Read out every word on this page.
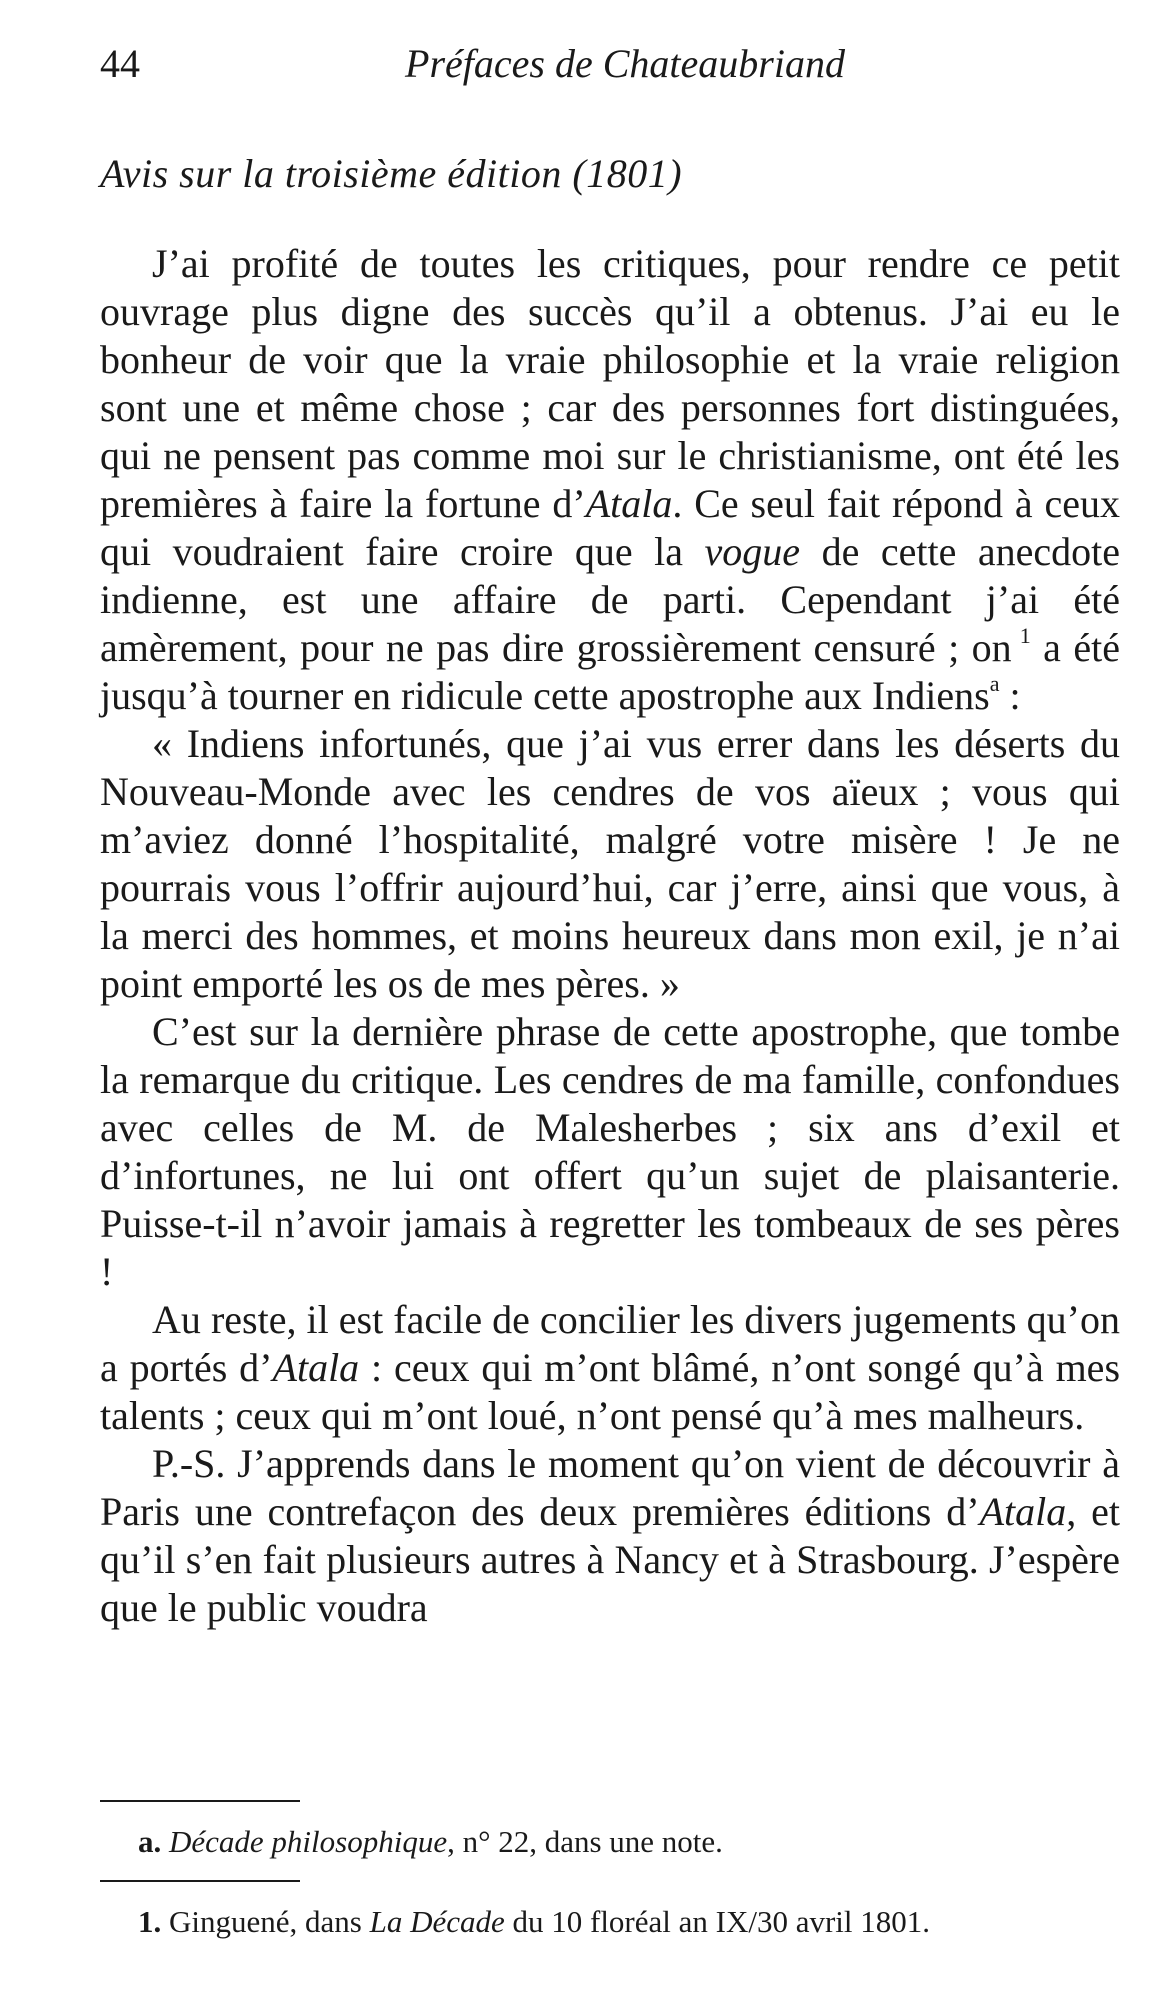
44	Préfaces de Chateaubriand
Avis sur la troisième édition (1801)

J’ai profité de toutes les critiques, pour rendre ce petit ouvrage plus digne des succès qu’il a obtenus. J’ai eu le bonheur de voir que la vraie philosophie et la vraie religion sont une et même chose ; car des personnes fort distinguées, qui ne pensent pas comme moi sur le christianisme, ont été les premières à faire la fortune d’Atala. Ce seul fait répond à ceux qui voudraient faire croire que la vogue de cette anecdote indienne, est une affaire de parti. Cependant j’ai été amèrement, pour ne pas dire grossièrement censuré ; on  $^1$ a été jusqu’à tourner en ridicule cette apostrophe aux Indiens$^a$ :

« Indiens infortunés, que j’ai vus errer dans les déserts du Nouveau-Monde avec les cendres de vos aïeux ; vous qui m’aviez donné l’hospitalité, malgré votre misère ! Je ne pourrais vous l’offrir aujourd’hui, car j’erre, ainsi que vous, à la merci des hommes, et moins heureux dans mon exil, je n’ai point emporté les os de mes pères. »

C’est sur la dernière phrase de cette apostrophe, que tombe la remarque du critique. Les cendres de ma famille, confondues avec celles de M. de Malesherbes ; six ans d’exil et d’infortunes, ne lui ont offert qu’un sujet de plaisanterie. Puisse-t-il n’avoir jamais à regretter les tombeaux de ses pères !

Au reste, il est facile de concilier les divers jugements qu’on a portés d’Atala : ceux qui m’ont blâmé, n’ont songé qu’à mes talents ; ceux qui m’ont loué, n’ont pensé qu’à mes malheurs.

P.-S. J’apprends dans le moment qu’on vient de découvrir à Paris une contrefaçon des deux premières éditions d’Atala, et qu’il s’en fait plusieurs autres à Nancy et à Strasbourg. J’espère que le public voudra

a. Décade philosophique, n° 22, dans une note.
1. Ginguené, dans La Décade du 10 floréal an IX/30 avril 1801.
